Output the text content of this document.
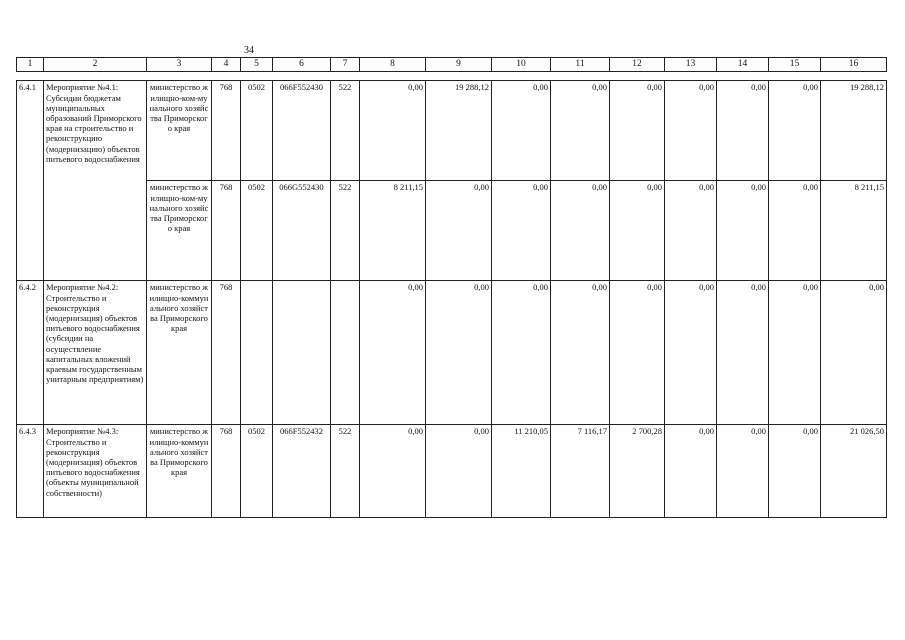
34
1	2	3	4	5	6	7	8	9	10	11	12	13	14	15	16

6.4.1	Мероприятие №4.1: Субсидии бюджетам муниципальных образований Приморского края на строительство и реконструкцию (модернизацию) объектов питьевого водоснабжения	министерство жилищно-ком-мунального хозяйства Приморского края	768	0502	066F552430	522	0,00	19 288,12	0,00	0,00	0,00	0,00	0,00	0,00	19 288,12
		министерство жилищно-ком-мунального хозяйства Приморского края	768	0502	066G552430	522	8 211,15	0,00	0,00	0,00	0,00	0,00	0,00	0,00	8 211,15
6.4.2	Мероприятие №4.2: Строительство и реконструкция (модернизация) объектов питьевого водоснабжения (субсидии на осуществление капитальных вложений краевым государственным унитарным предприятиям)	министерство жилищно-коммунального хозяйства Приморского края	768				0,00	0,00	0,00	0,00	0,00	0,00	0,00	0,00	0,00
6.4.3	Мероприятие №4.3: Строительство и реконструкция (модернизация) объектов питьевого водоснабжения (объекты муниципальной собственности)	министерство жилищно-коммунального хозяйства Приморского края	768	0502	066F552432	522	0,00	0,00	11 210,05	7 116,17	2 700,28	0,00	0,00	0,00	21 026,50
